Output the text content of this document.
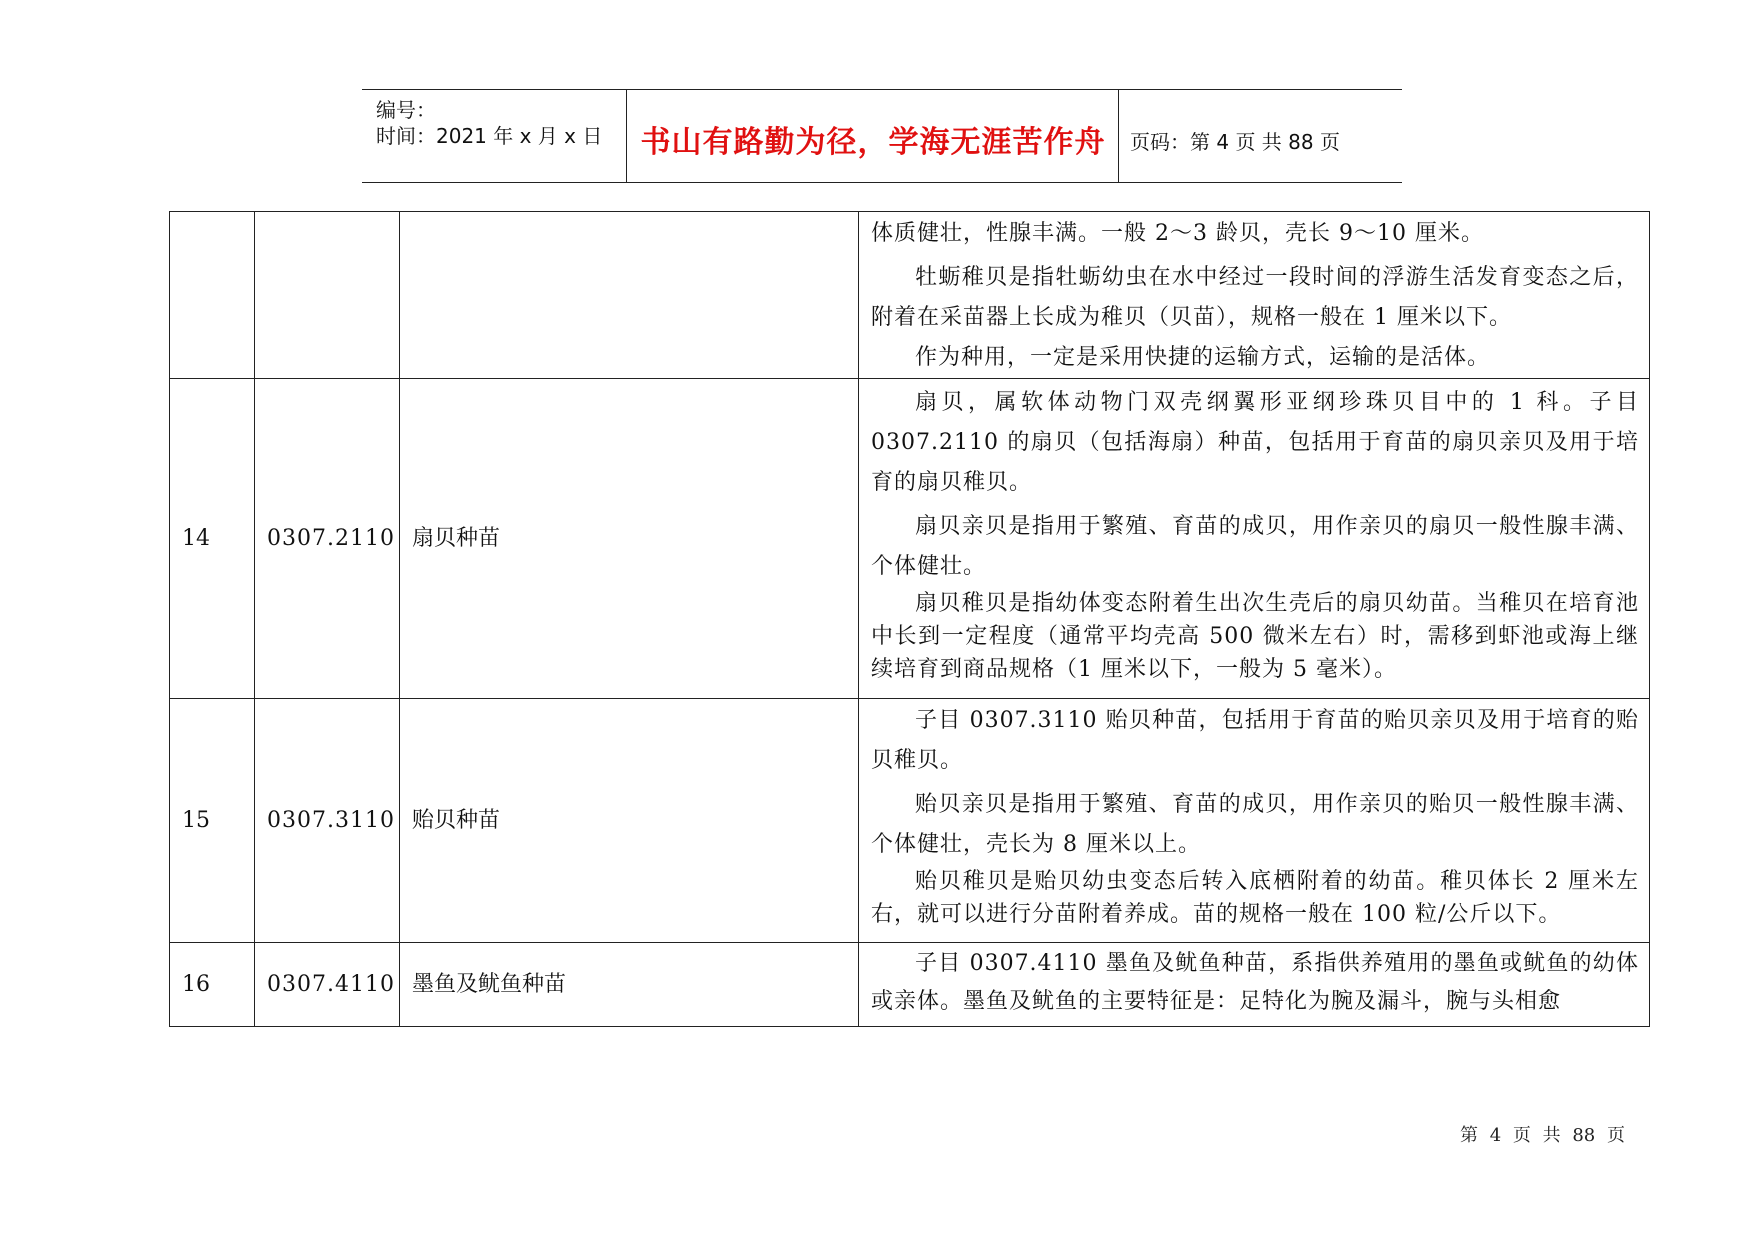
编号：
时间：2021 年 x 月 x 日	书山有路勤为径，学海无涯苦作舟	页码：第 4 页 共 88 页

			体质健壮，性腺丰满。一般 2～3 龄贝，壳长 9～10 厘米。

牡蛎稚贝是指牡蛎幼虫在水中经过一段时间的浮游生活发育变态之后，附着在采苗器上长成为稚贝（贝苗），规格一般在 1 厘米以下。

作为种用，一定是采用快捷的运输方式，运输的是活体。

14	0307.2110	扇贝种苗	扇贝，属软体动物门双壳纲翼形亚纲珍珠贝目中的 1 科。子目 0307.2110 的扇贝（包括海扇）种苗，包括用于育苗的扇贝亲贝及用于培育的扇贝稚贝。

扇贝亲贝是指用于繁殖、育苗的成贝，用作亲贝的扇贝一般性腺丰满、个体健壮。

扇贝稚贝是指幼体变态附着生出次生壳后的扇贝幼苗。当稚贝在培育池中长到一定程度（通常平均壳高 500 微米左右）时，需移到虾池或海上继续培育到商品规格（1 厘米以下，一般为 5 毫米）。

15	0307.3110	贻贝种苗	子目 0307.3110 贻贝种苗，包括用于育苗的贻贝亲贝及用于培育的贻贝稚贝。

贻贝亲贝是指用于繁殖、育苗的成贝，用作亲贝的贻贝一般性腺丰满、个体健壮，壳长为 8 厘米以上。

贻贝稚贝是贻贝幼虫变态后转入底栖附着的幼苗。稚贝体长 2 厘米左右，就可以进行分苗附着养成。苗的规格一般在 100 粒/公斤以下。

16	0307.4110	墨鱼及鱿鱼种苗	子目 0307.4110 墨鱼及鱿鱼种苗，系指供养殖用的墨鱼或鱿鱼的幼体或亲体。墨鱼及鱿鱼的主要特征是：足特化为腕及漏斗，腕与头相愈

第 4 页 共 88 页
